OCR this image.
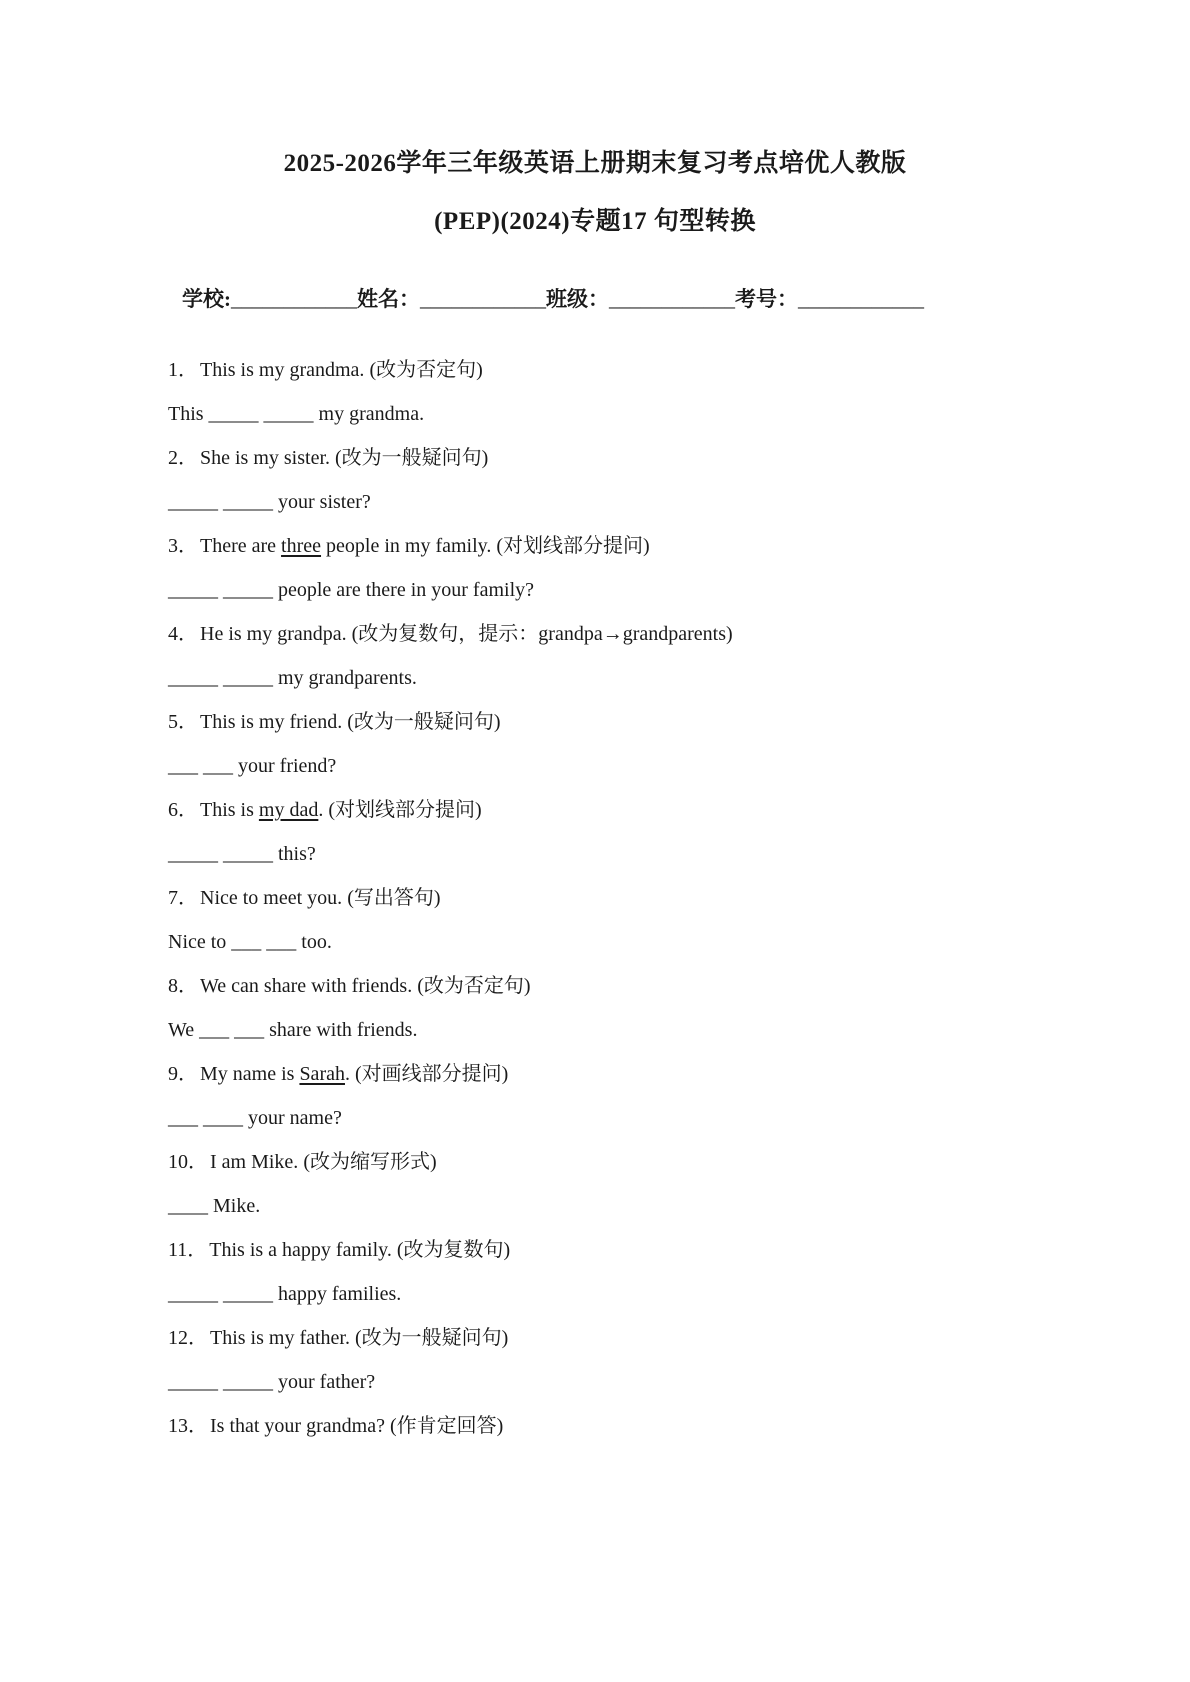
2025-2026学年三年级英语上册期末复习考点培优人教版
(PEP)(2024)专题17 句型转换
学校:____________姓名：____________班级：____________考号：____________
1． This is my grandma. (改为否定句)
This _____ _____ my grandma.
2． She is my sister. (改为一般疑问句)
_____ _____ your sister?
3． There are three people in my family. (对划线部分提问)
_____ _____ people are there in your family?
4． He is my grandpa. (改为复数句，提示：grandpa→grandparents)
_____ _____ my grandparents.
5． This is my friend. (改为一般疑问句)
___ ___ your friend?
6． This is my dad. (对划线部分提问)
_____ _____ this?
7． Nice to meet you. (写出答句)
Nice to ___ ___ too.
8． We can share with friends. (改为否定句)
We ___ ___ share with friends.
9． My name is Sarah. (对画线部分提问)
___ ____ your name?
10． I am Mike. (改为缩写形式)
____ Mike.
11． This is a happy family. (改为复数句)
_____ _____ happy families.
12． This is my father. (改为一般疑问句)
_____ _____ your father?
13． Is that your grandma? (作肯定回答)
